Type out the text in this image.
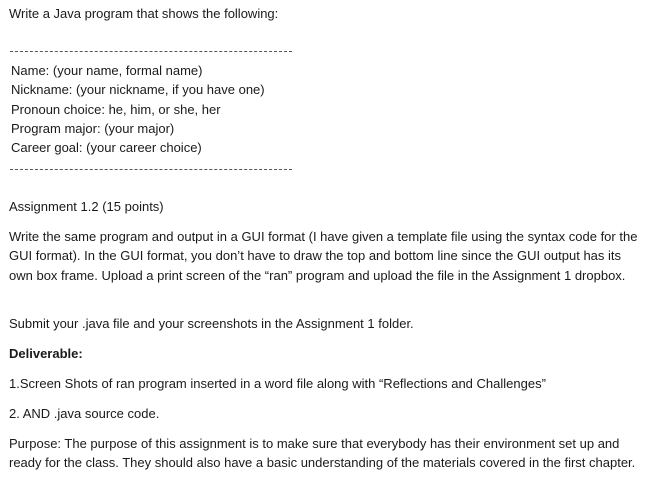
Write a Java program that shows the following:
Name: (your name, formal name)
Nickname: (your nickname, if you have one)
Pronoun choice: he, him, or she, her
Program major: (your major)
Career goal: (your career choice)
Assignment 1.2 (15 points)
Write the same program and output in a GUI format (I have given a template file using the syntax code for the GUI format). In the GUI format, you don’t have to draw the top and bottom line since the GUI output has its own box frame. Upload a print screen of the “ran” program and upload the file in the Assignment 1 dropbox.
Submit your .java file and your screenshots in the Assignment 1 folder.
Deliverable:
1.Screen Shots of ran program inserted in a word file along with “Reflections and Challenges”
2. AND .java source code.
Purpose: The purpose of this assignment is to make sure that everybody has their environment set up and ready for the class. They should also have a basic understanding of the materials covered in the first chapter.
